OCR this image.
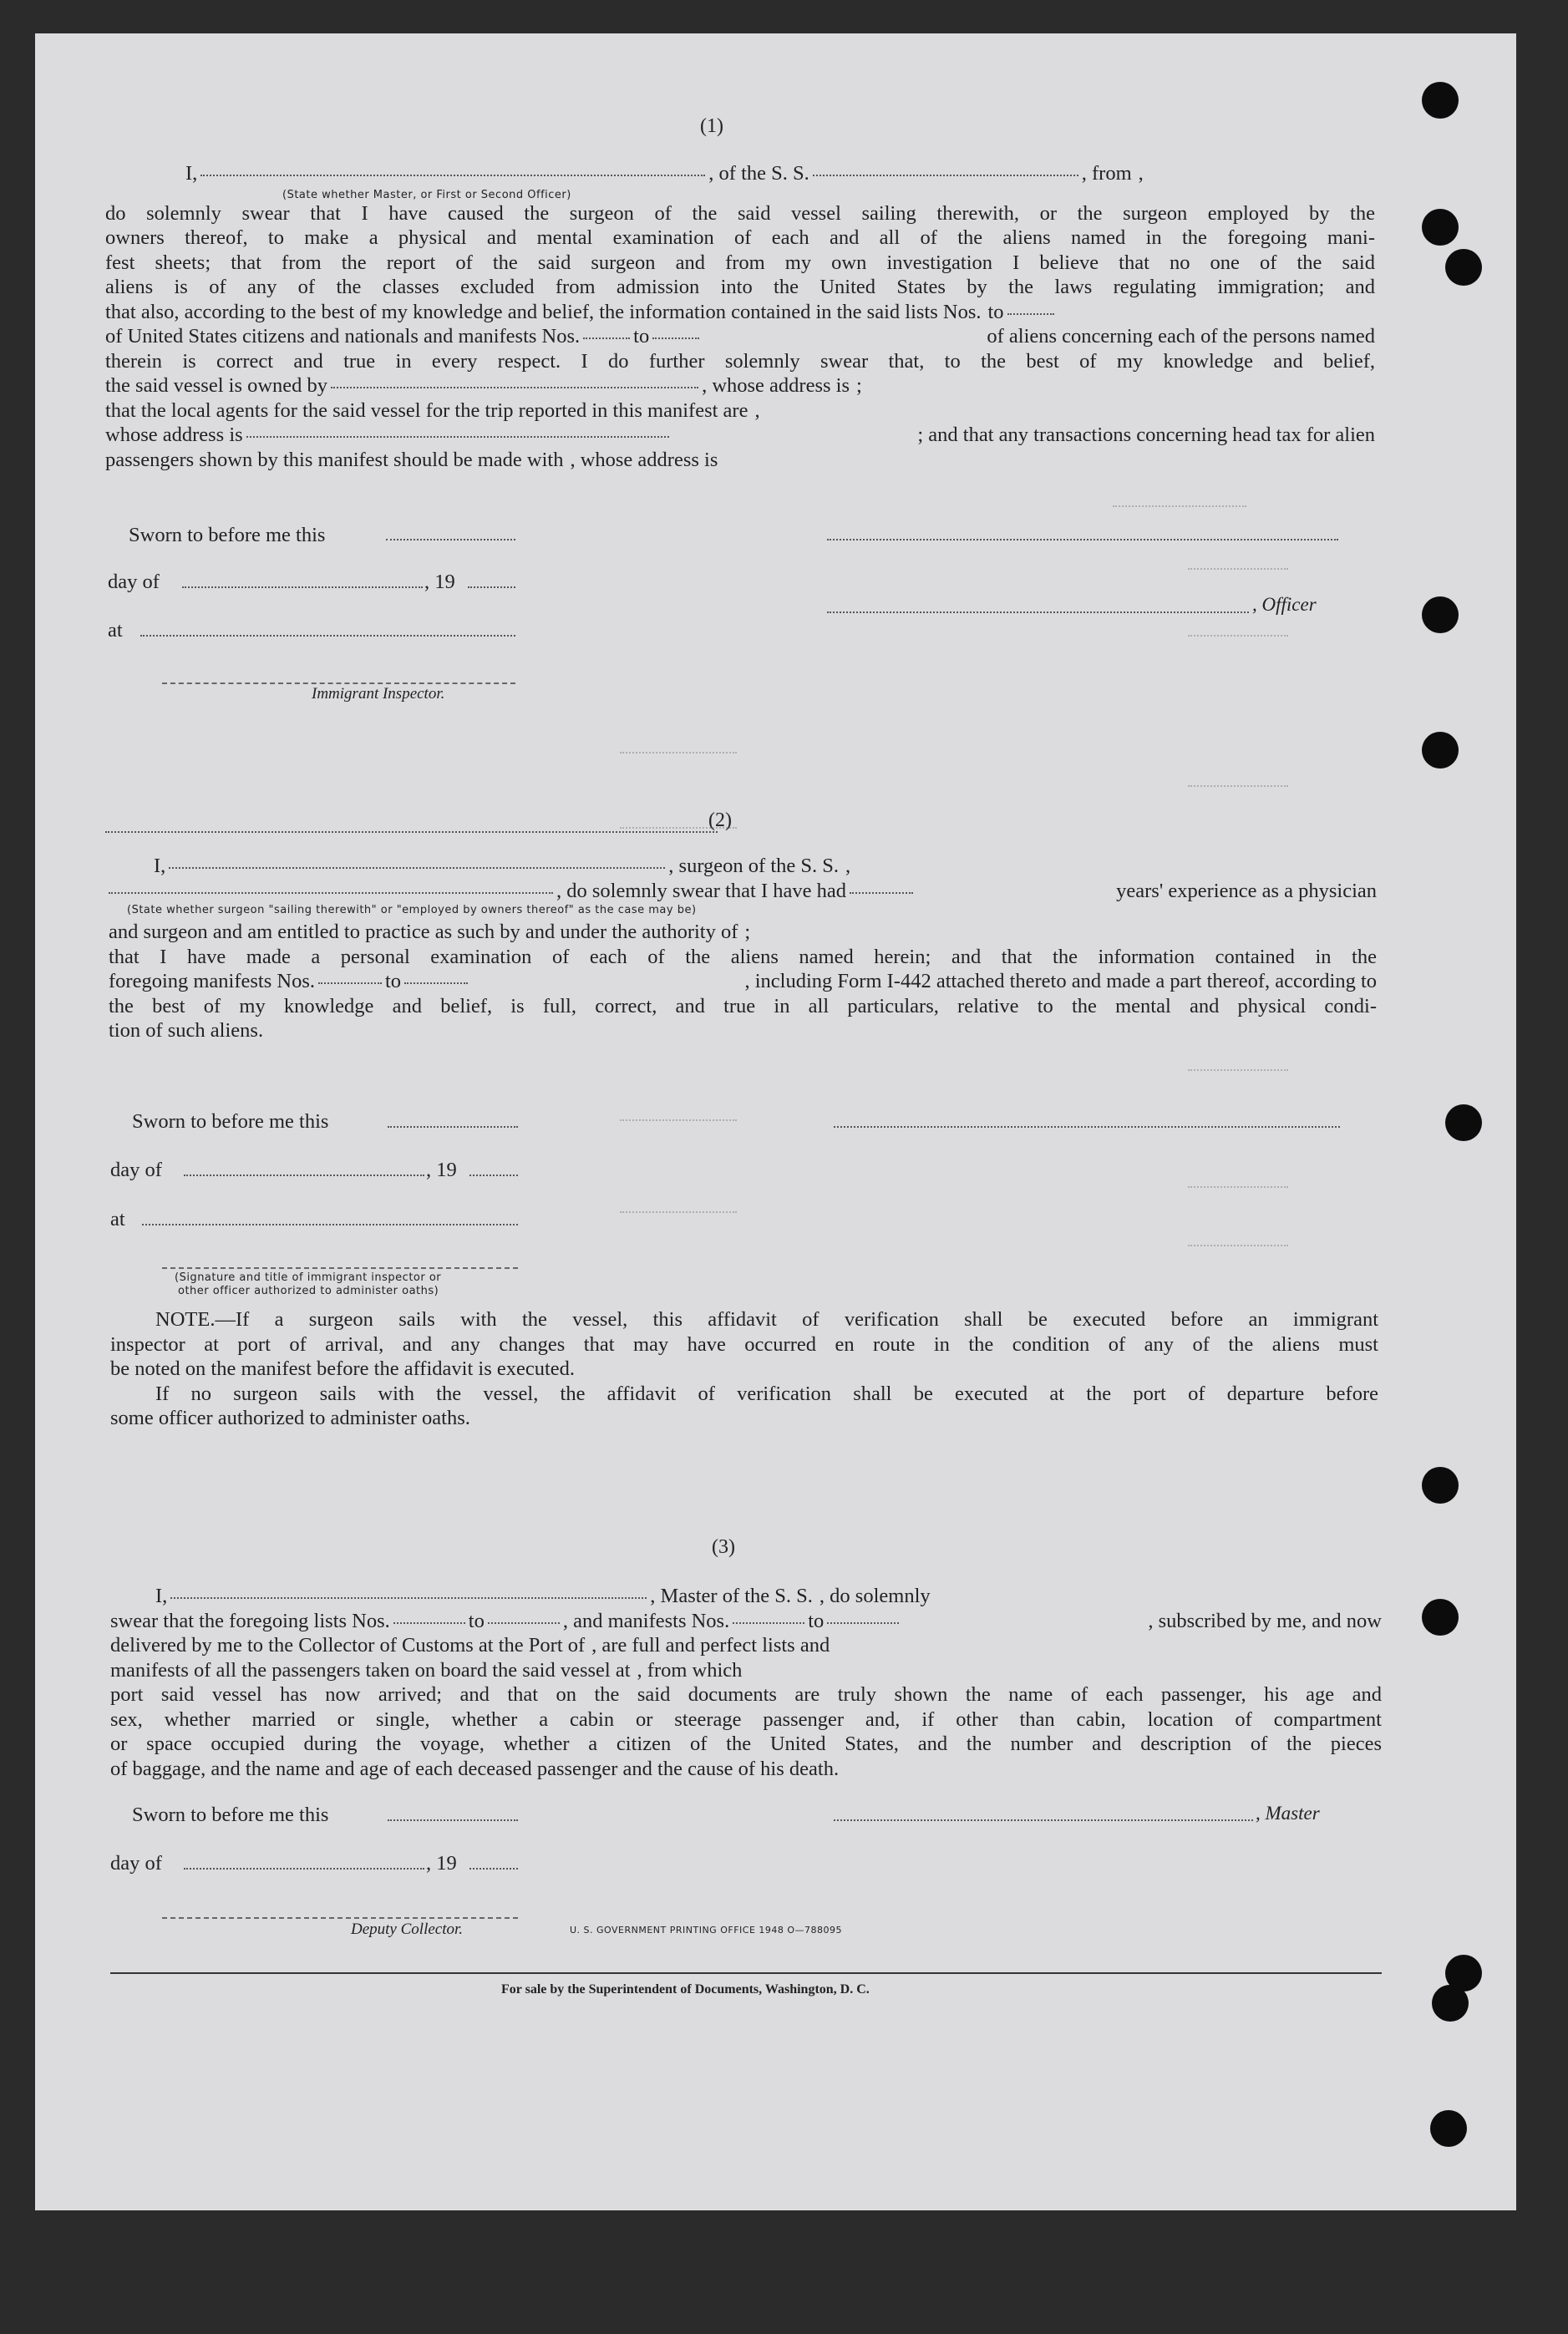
(1)
I,	, of the S. S.	, from ,
(State whether Master, or First or Second Officer)
do solemnly swear that I have caused the surgeon of the said vessel sailing therewith, or the surgeon employed by the
owners thereof, to make a physical and mental examination of each and all of the aliens named in the foregoing mani-
fest sheets; that from the report of the said surgeon and from my own investigation I believe that no one of the said
aliens is of any of the classes excluded from admission into the United States by the laws regulating immigration; and
that also, according to the best of my knowledge and belief, the information contained in the said lists Nos. to
of United States citizens and nationals and manifests Nos.	to	of aliens concerning each of the persons named
therein is correct and true in every respect. I do further solemnly swear that, to the best of my knowledge and belief,
the said vessel is owned by	, whose address is ;
that the local agents for the said vessel for the trip reported in this manifest are ,
whose address is	; and that any transactions concerning head tax for alien
passengers shown by this manifest should be made with , whose address is
Sworn to before me this
day of	, 19
at
Immigrant Inspector.
, Officer
(2)
I,	, surgeon of the S. S. ,
, do solemnly swear that I have had	years' experience as a physician
(State whether surgeon "sailing therewith" or "employed by owners thereof" as the case may be)
and surgeon and am entitled to practice as such by and under the authority of ;
that I have made a personal examination of each of the aliens named herein; and that the information contained in the
foregoing manifests Nos.	to	, including Form I-442 attached thereto and made a part thereof, according to
the best of my knowledge and belief, is full, correct, and true in all particulars, relative to the mental and physical condi-
tion of such aliens.
Sworn to before me this
day of	, 19
at
(Signature and title of immigrant inspector or
other officer authorized to administer oaths)
NOTE.—If a surgeon sails with the vessel, this affidavit of verification shall be executed before an immigrant
inspector at port of arrival, and any changes that may have occurred en route in the condition of any of the aliens must
be noted on the manifest before the affidavit is executed.
If no surgeon sails with the vessel, the affidavit of verification shall be executed at the port of departure before
some officer authorized to administer oaths.
(3)
I,	, Master of the S. S. , do solemnly
swear that the foregoing lists Nos.	to	, and manifests Nos.	to	, subscribed by me, and now
delivered by me to the Collector of Customs at the Port of , are full and perfect lists and
manifests of all the passengers taken on board the said vessel at , from which
port said vessel has now arrived; and that on the said documents are truly shown the name of each passenger, his age and
sex, whether married or single, whether a cabin or steerage passenger and, if other than cabin, location of compartment
or space occupied during the voyage, whether a citizen of the United States, and the number and description of the pieces
of baggage, and the name and age of each deceased passenger and the cause of his death.
Sworn to before me this	, Master
day of	, 19
Deputy Collector.	U. S. GOVERNMENT PRINTING OFFICE 1948 O—788095
For sale by the Superintendent of Documents, Washington, D. C.
